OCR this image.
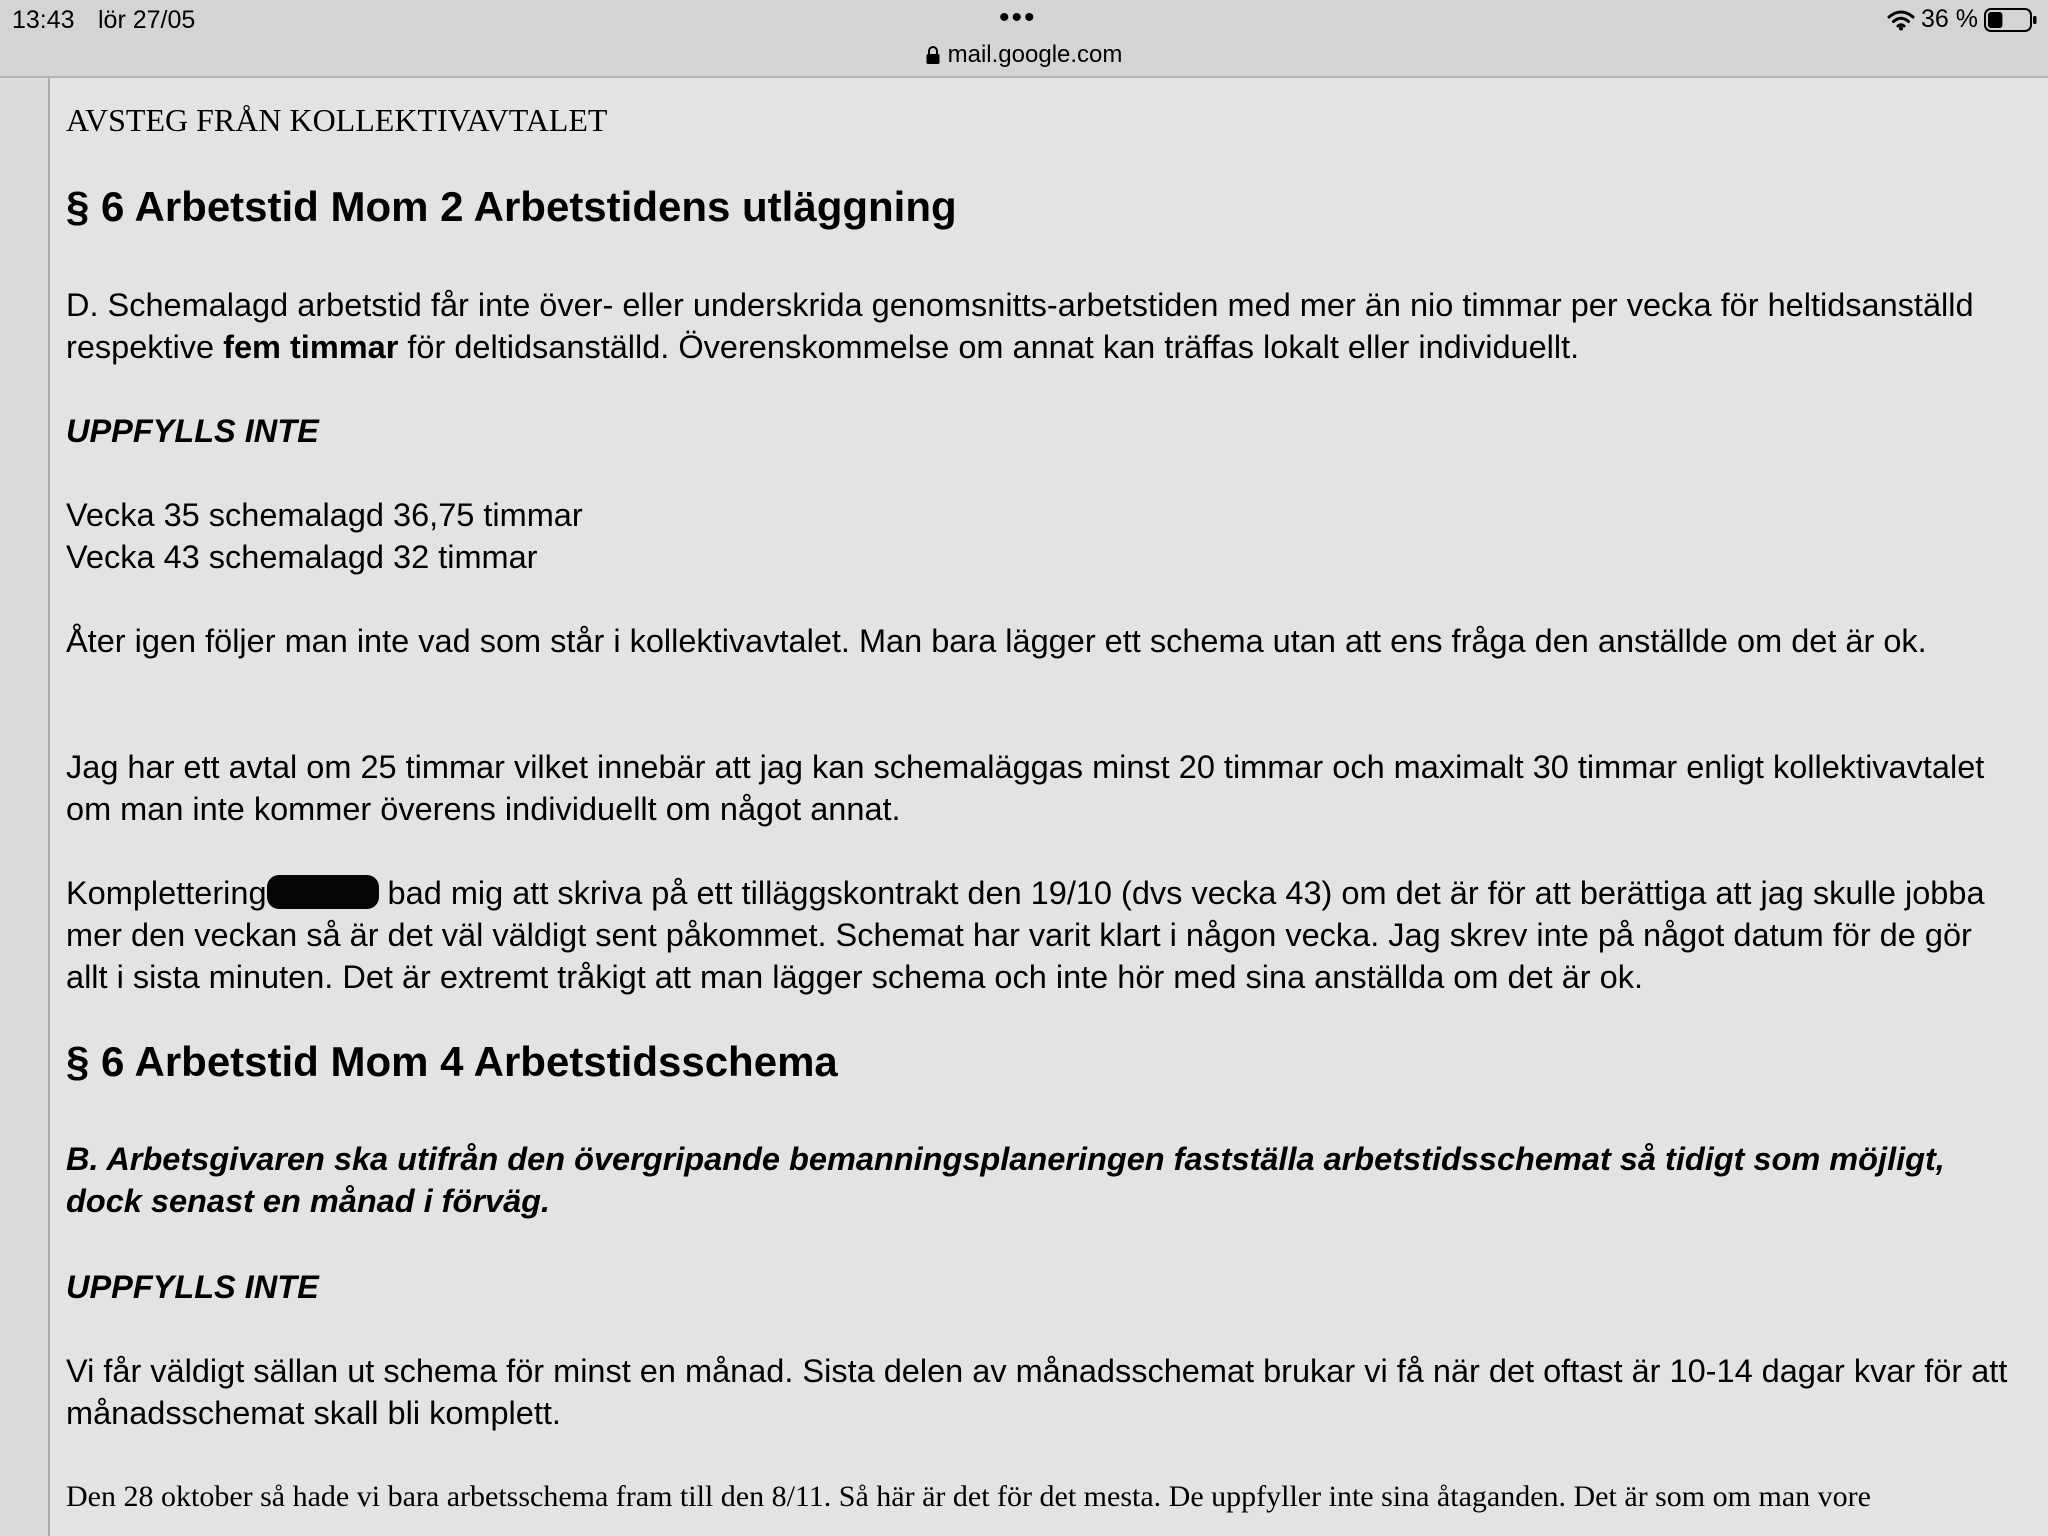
13:43 lör 27/05	•••
mail.google.com
36 %
AVSTEG FRÅN KOLLEKTIVAVTALET
§ 6 Arbetstid Mom 2 Arbetstidens utläggning
D. Schemalagd arbetstid får inte över- eller underskrida genomsnitts-arbetstiden med mer än nio timmar per vecka för heltidsanställd respektive fem timmar för deltidsanställd. Överenskommelse om annat kan träffas lokalt eller individuellt.
UPPFYLLS INTE
Vecka 35 schemalagd 36,75 timmar
Vecka 43 schemalagd 32 timmar
Åter igen följer man inte vad som står i kollektivavtalet. Man bara lägger ett schema utan att ens fråga den anställde om det är ok.
Jag har ett avtal om 25 timmar vilket innebär att jag kan schemaläggas minst 20 timmar och maximalt 30 timmar enligt kollektivavtalet om man inte kommer överens individuellt om något annat.
Komplettering	bad mig att skriva på ett tilläggskontrakt den 19/10 (dvs vecka 43) om det är för att berättiga att jag skulle jobba mer den veckan så är det väl väldigt sent påkommet. Schemat har varit klart i någon vecka. Jag skrev inte på något datum för de gör allt i sista minuten. Det är extremt tråkigt att man lägger schema och inte hör med sina anställda om det är ok.
§ 6 Arbetstid Mom 4 Arbetstidsschema
B. Arbetsgivaren ska utifrån den övergripande bemanningsplaneringen fastställa arbetstidsschemat så tidigt som möjligt, dock senast en månad i förväg.
UPPFYLLS INTE
Vi får väldigt sällan ut schema för minst en månad. Sista delen av månadsschemat brukar vi få när det oftast är 10-14 dagar kvar för att månadsschemat skall bli komplett.
Den 28 oktober så hade vi bara arbetsschema fram till den 8/11. Så här är det för det mesta. De uppfyller inte sina åtaganden. Det är som om man vore
